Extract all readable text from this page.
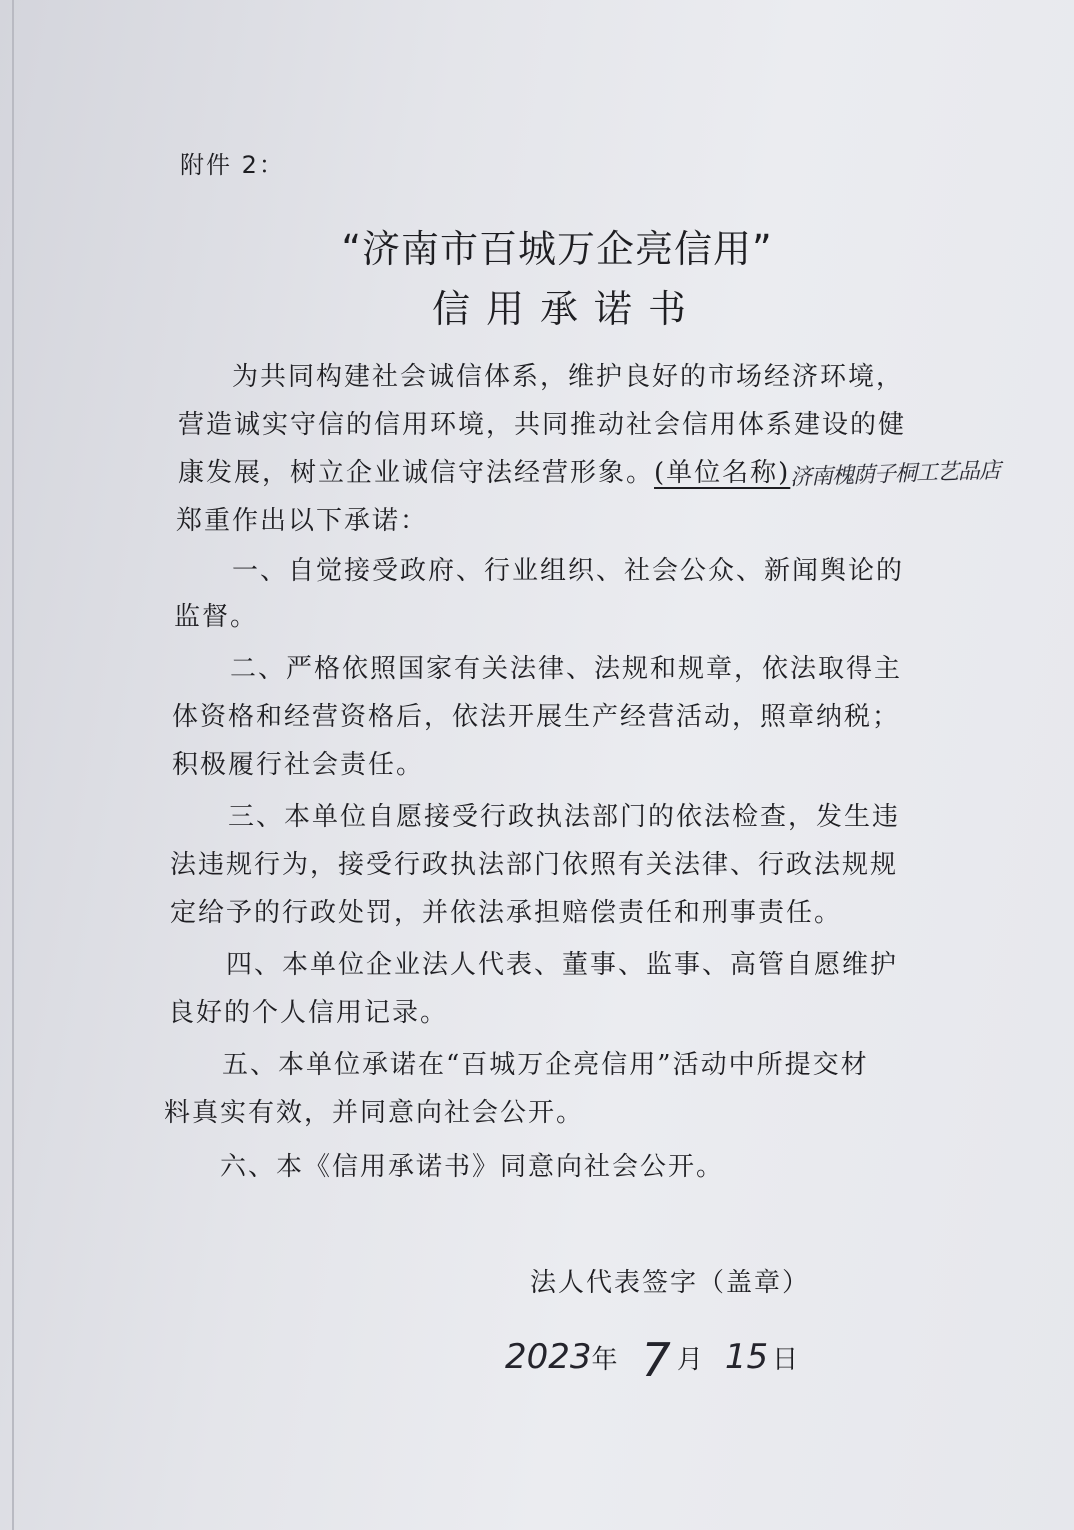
附件 2：

“济南市百城万企亮信用”
信用承诺书

为共同构建社会诚信体系，维护良好的市场经济环境，

营造诚实守信的信用环境，共同推动社会信用体系建设的健

康发展，树立企业诚信守法经营形象。(单位名称)济南槐荫子桐工艺品店

郑重作出以下承诺：

一、自觉接受政府、行业组织、社会公众、新闻舆论的

监督。

二、严格依照国家有关法律、法规和规章，依法取得主

体资格和经营资格后，依法开展生产经营活动，照章纳税；

积极履行社会责任。

三、本单位自愿接受行政执法部门的依法检查，发生违

法违规行为，接受行政执法部门依照有关法律、行政法规规

定给予的行政处罚，并依法承担赔偿责任和刑事责任。

四、本单位企业法人代表、董事、监事、高管自愿维护

良好的个人信用记录。

五、本单位承诺在“百城万企亮信用”活动中所提交材

料真实有效，并同意向社会公开。

六、本《信用承诺书》同意向社会公开。

法人代表签字（盖章）

2023年 7 月 15 日
